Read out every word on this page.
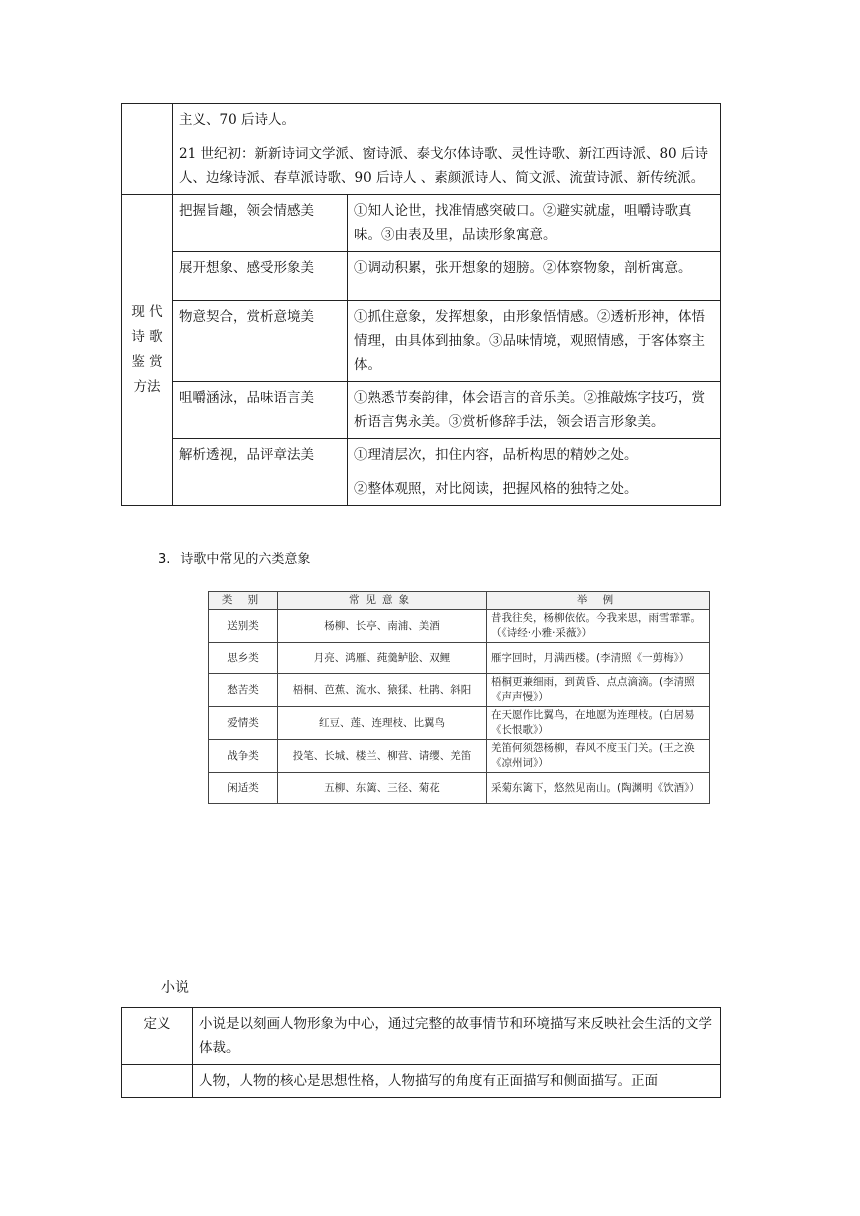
	主义、70 后诗人。

21 世纪初：新新诗词文学派、窗诗派、泰戈尔体诗歌、灵性诗歌、新江西诗派、80 后诗人、边缘诗派、春草派诗歌、90 后诗人 、素颜派诗人、简文派、流萤诗派、新传统派。	

现 代
诗 歌
鉴 赏
方法	把握旨趣，领会情感美	①知人论世，找准情感突破口。②避实就虚，咀嚼诗歌真味。③由表及里，品读形象寓意。

	展开想象、感受形象美	①调动积累，张开想象的翅膀。②体察物象，剖析寓意。

	物意契合，赏析意境美	①抓住意象，发挥想象，由形象悟情感。②透析形神，体悟情理，由具体到抽象。③品味情境，观照情感，于客体察主体。

	咀嚼涵泳，品味语言美	①熟悉节奏韵律，体会语言的音乐美。②推敲炼字技巧，赏析语言隽永美。③赏析修辞手法，领会语言形象美。

	解析透视，品评章法美	①理清层次，扣住内容，品析构思的精妙之处。

②整体观照，对比阅读，把握风格的独特之处。

3. 诗歌中常见的六类意象
类 别	常见意象	举 例
送别类	杨柳、长亭、南浦、美酒	昔我往矣，杨柳依依。今我来思，雨雪霏霏。（《诗经·小雅·采薇》）
思乡类	月亮、鸿雁、莼羹鲈脍、双鲤	雁字回时，月满西楼。(李清照《一剪梅》）
愁苦类	梧桐、芭蕉、流水、猿猱、杜鹃、斜阳	梧桐更兼细雨，到黄昏、点点滴滴。(李清照《声声慢》）
爱情类	红豆、莲、连理枝、比翼鸟	在天愿作比翼鸟，在地愿为连理枝。(白居易《长恨歌》）
战争类	投笔、长城、楼兰、柳营、请缨、羌笛	羌笛何须怨杨柳，春风不度玉门关。(王之涣《凉州词》）
闲适类	五柳、东篱、三径、菊花	采菊东篱下，悠然见南山。(陶渊明《饮酒》）
小说
定义	小说是以刻画人物形象为中心，通过完整的故事情节和环境描写来反映社会生活的文学体裁。
	人物，人物的核心是思想性格，人物描写的角度有正面描写和侧面描写。正面
